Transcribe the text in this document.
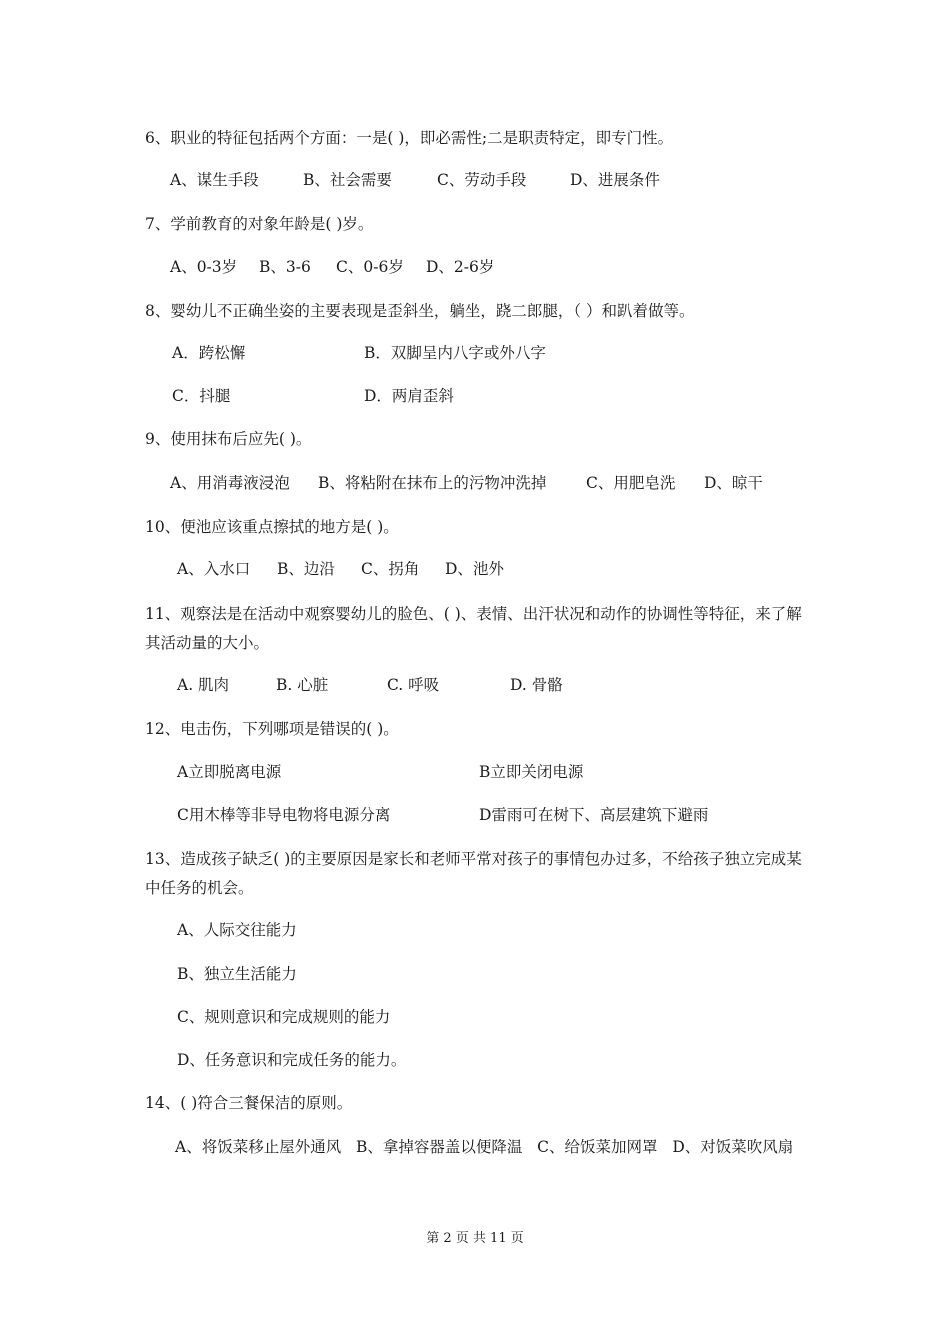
6、职业的特征包括两个方面：一是( )，即必需性;二是职责特定，即专门性。
A、谋生手段	B、社会需要	C、劳动手段	D、进展条件
7、学前教育的对象年龄是( )岁。
A、0-3岁 B、3-6 C、0-6岁 D、2-6岁
8、婴幼儿不正确坐姿的主要表现是歪斜坐，躺坐，跷二郎腿，（ ）和趴着做等。
A．跨松懈	B．双脚呈内八字或外八字
C．抖腿	D．两肩歪斜
9、使用抹布后应先( )。
A、用消毒液浸泡 B、将粘附在抹布上的污物冲洗掉	C、用肥皂洗 D、晾干
10、便池应该重点擦拭的地方是( )。
A、入水口 B、边沿 C、拐角 D、池外
11、观察法是在活动中观察婴幼儿的脸色、( )、表情、出汗状况和动作的协调性等特征，来了解其活动量的大小。
A. 肌肉	B. 心脏	C. 呼吸	D. 骨骼
12、电击伤，下列哪项是错误的( )。
A立即脱离电源	B立即关闭电源
C用木棒等非导电物将电源分离	D雷雨可在树下、高层建筑下避雨
13、造成孩子缺乏( )的主要原因是家长和老师平常对孩子的事情包办过多，不给孩子独立完成某中任务的机会。
A、人际交往能力
B、独立生活能力
C、规则意识和完成规则的能力
D、任务意识和完成任务的能力。
14、( )符合三餐保洁的原则。
A、将饭菜移止屋外通风 B、拿掉容器盖以便降温 C、给饭菜加网罩 D、对饭菜吹风扇
第 2 页 共 11 页
